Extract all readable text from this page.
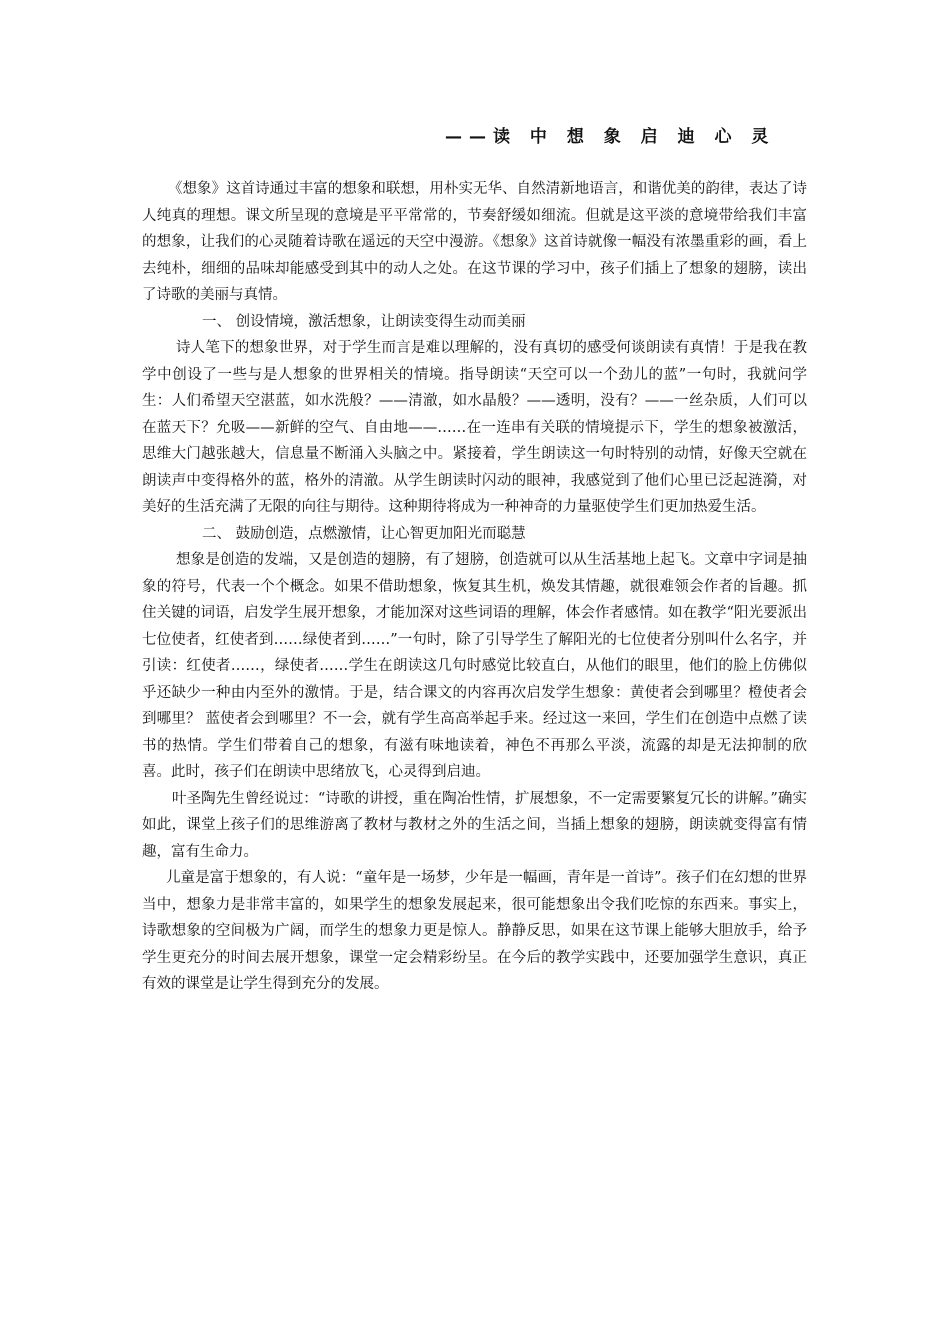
——读 中 想 象 启 迪 心 灵

《想象》这首诗通过丰富的想象和联想，用朴实无华、自然清新地语言，和谐优美的韵律，表达了诗人纯真的理想。课文所呈现的意境是平平常常的，节奏舒缓如细流。但就是这平淡的意境带给我们丰富的想象，让我们的心灵随着诗歌在遥远的天空中漫游。《想象》这首诗就像一幅没有浓墨重彩的画，看上去纯朴，细细的品味却能感受到其中的动人之处。在这节课的学习中，孩子们插上了想象的翅膀，读出了诗歌的美丽与真情。

一、 创设情境，激活想象，让朗读变得生动而美丽

诗人笔下的想象世界，对于学生而言是难以理解的，没有真切的感受何谈朗读有真情！于是我在教学中创设了一些与是人想象的世界相关的情境。指导朗读“天空可以一个劲儿的蓝”一句时，我就问学生：人们希望天空湛蓝，如水洗般？——清澈，如水晶般？——透明，没有？——一丝杂质，人们可以在蓝天下？允吸——新鲜的空气、自由地——……在一连串有关联的情境提示下，学生的想象被激活，思维大门越张越大，信息量不断涌入头脑之中。紧接着，学生朗读这一句时特别的动情，好像天空就在朗读声中变得格外的蓝，格外的清澈。从学生朗读时闪动的眼神，我感觉到了他们心里已泛起涟漪，对美好的生活充满了无限的向往与期待。这种期待将成为一种神奇的力量驱使学生们更加热爱生活。

二、 鼓励创造，点燃激情，让心智更加阳光而聪慧

想象是创造的发端，又是创造的翅膀，有了翅膀，创造就可以从生活基地上起飞。文章中字词是抽象的符号，代表一个个概念。如果不借助想象，恢复其生机，焕发其情趣，就很难领会作者的旨趣。抓住关键的词语，启发学生展开想象，才能加深对这些词语的理解，体会作者感情。如在教学“阳光要派出七位使者，红使者到……绿使者到……”一句时，除了引导学生了解阳光的七位使者分别叫什么名字，并引读：红使者……，绿使者……学生在朗读这几句时感觉比较直白，从他们的眼里，他们的脸上仿佛似乎还缺少一种由内至外的激情。于是，结合课文的内容再次启发学生想象：黄使者会到哪里？橙使者会到哪里？ 蓝使者会到哪里？不一会，就有学生高高举起手来。经过这一来回，学生们在创造中点燃了读书的热情。学生们带着自己的想象，有滋有味地读着，神色不再那么平淡，流露的却是无法抑制的欣喜。此时，孩子们在朗读中思绪放飞，心灵得到启迪。

叶圣陶先生曾经说过：“诗歌的讲授，重在陶冶性情，扩展想象，不一定需要繁复冗长的讲解。”确实如此，课堂上孩子们的思维游离了教材与教材之外的生活之间，当插上想象的翅膀，朗读就变得富有情趣，富有生命力。

儿童是富于想象的，有人说：“童年是一场梦，少年是一幅画，青年是一首诗”。孩子们在幻想的世界当中，想象力是非常丰富的，如果学生的想象发展起来，很可能想象出令我们吃惊的东西来。事实上，诗歌想象的空间极为广阔，而学生的想象力更是惊人。静静反思，如果在这节课上能够大胆放手，给予学生更充分的时间去展开想象，课堂一定会精彩纷呈。在今后的教学实践中，还要加强学生意识，真正有效的课堂是让学生得到充分的发展。
